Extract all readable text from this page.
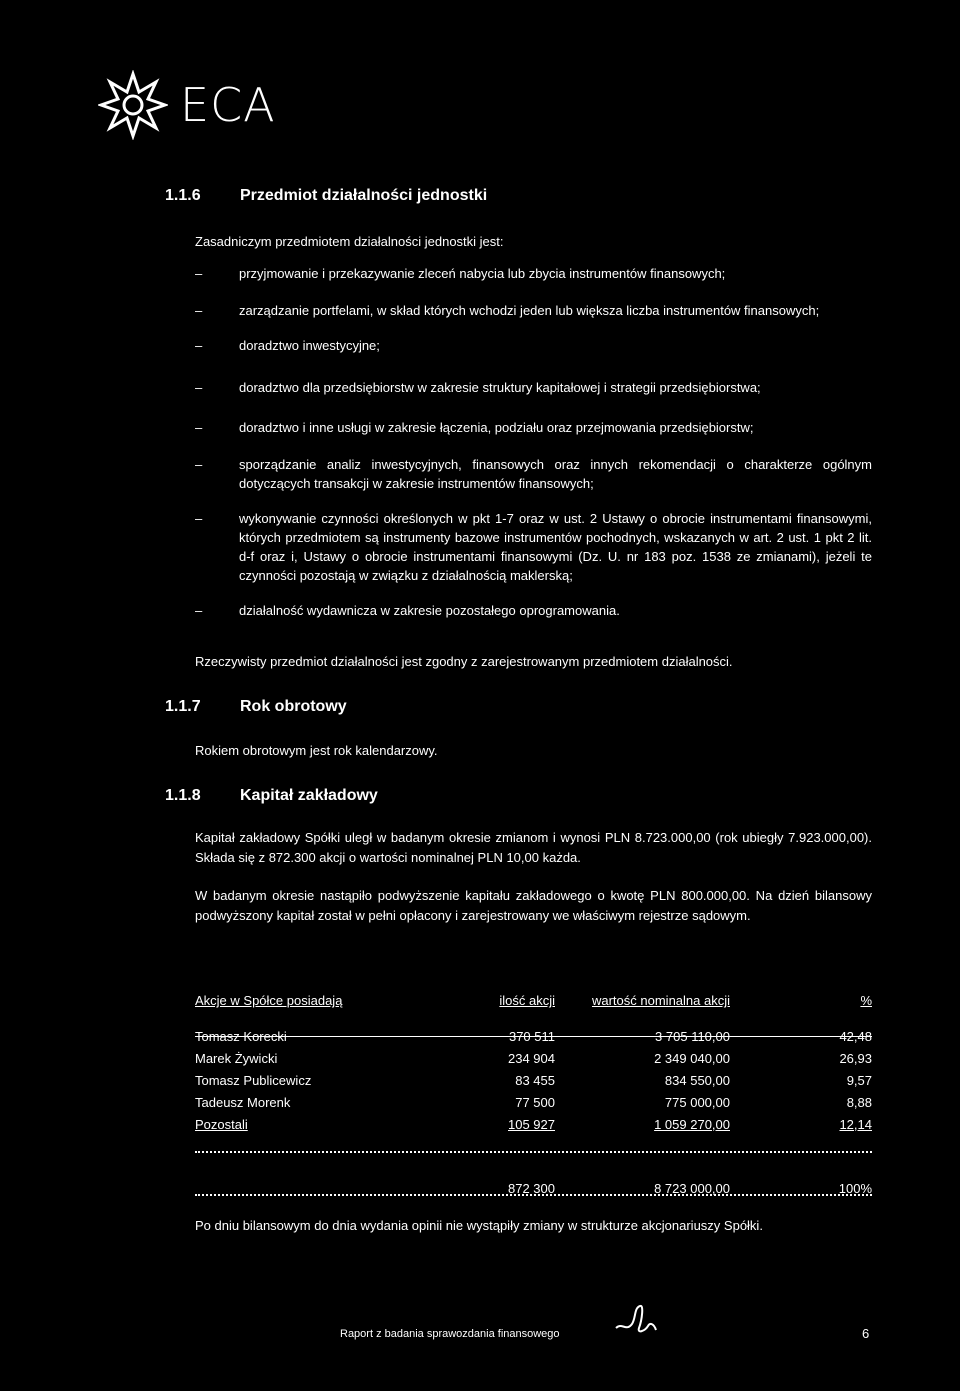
ECA
1.1.6 Przedmiot działalności jednostki
Zasadniczym przedmiotem działalności jednostki jest:
–	przyjmowanie i przekazywanie zleceń nabycia lub zbycia instrumentów finansowych;
–	zarządzanie portfelami, w skład których wchodzi jeden lub większa liczba instrumentów finansowych;
–	doradztwo inwestycyjne;
–	doradztwo dla przedsiębiorstw w zakresie struktury kapitałowej i strategii przedsiębiorstwa;
–	doradztwo i inne usługi w zakresie łączenia, podziału oraz przejmowania przedsiębiorstw;
–	sporządzanie analiz inwestycyjnych, finansowych oraz innych rekomendacji o charakterze ogólnym dotyczących transakcji w zakresie instrumentów finansowych;
–	wykonywanie czynności określonych w pkt 1-7 oraz w ust. 2 Ustawy o obrocie instrumentami finansowymi, których przedmiotem są instrumenty bazowe instrumentów pochodnych, wskazanych w art. 2 ust. 1 pkt 2 lit. d-f oraz i, Ustawy o obrocie instrumentami finansowymi (Dz. U. nr 183 poz. 1538 ze zmianami), jeżeli te czynności pozostają w związku z działalnością maklerską;
–	działalność wydawnicza w zakresie pozostałego oprogramowania.
Rzeczywisty przedmiot działalności jest zgodny z zarejestrowanym przedmiotem działalności.
1.1.7 Rok obrotowy
Rokiem obrotowym jest rok kalendarzowy.
1.1.8 Kapitał zakładowy
Kapitał zakładowy Spółki uległ w badanym okresie zmianom i wynosi PLN 8.723.000,00 (rok ubiegły 7.923.000,00). Składa się z 872.300 akcji o wartości nominalnej PLN 10,00 każda.
W badanym okresie nastąpiło podwyższenie kapitału zakładowego o kwotę PLN 800.000,00. Na dzień bilansowy podwyższony kapitał został w pełni opłacony i zarejestrowany we właściwym rejestrze sądowym.
Akcje w Spółce posiadają	ilość akcji	wartość nominalna akcji	%
Tomasz Korecki	370 511	3 705 110,00	42,48
Marek Żywicki	234 904	2 349 040,00	26,93
Tomasz Publicewicz	83 455	834 550,00	9,57
Tadeusz Morenk	77 500	775 000,00	8,88
Pozostali	105 927	1 059 270,00	12,14

	872 300	8 723 000,00	100%
Po dniu bilansowym do dnia wydania opinii nie wystąpiły zmiany w strukturze akcjonariuszy Spółki.
Raport z badania sprawozdania finansowego	6
